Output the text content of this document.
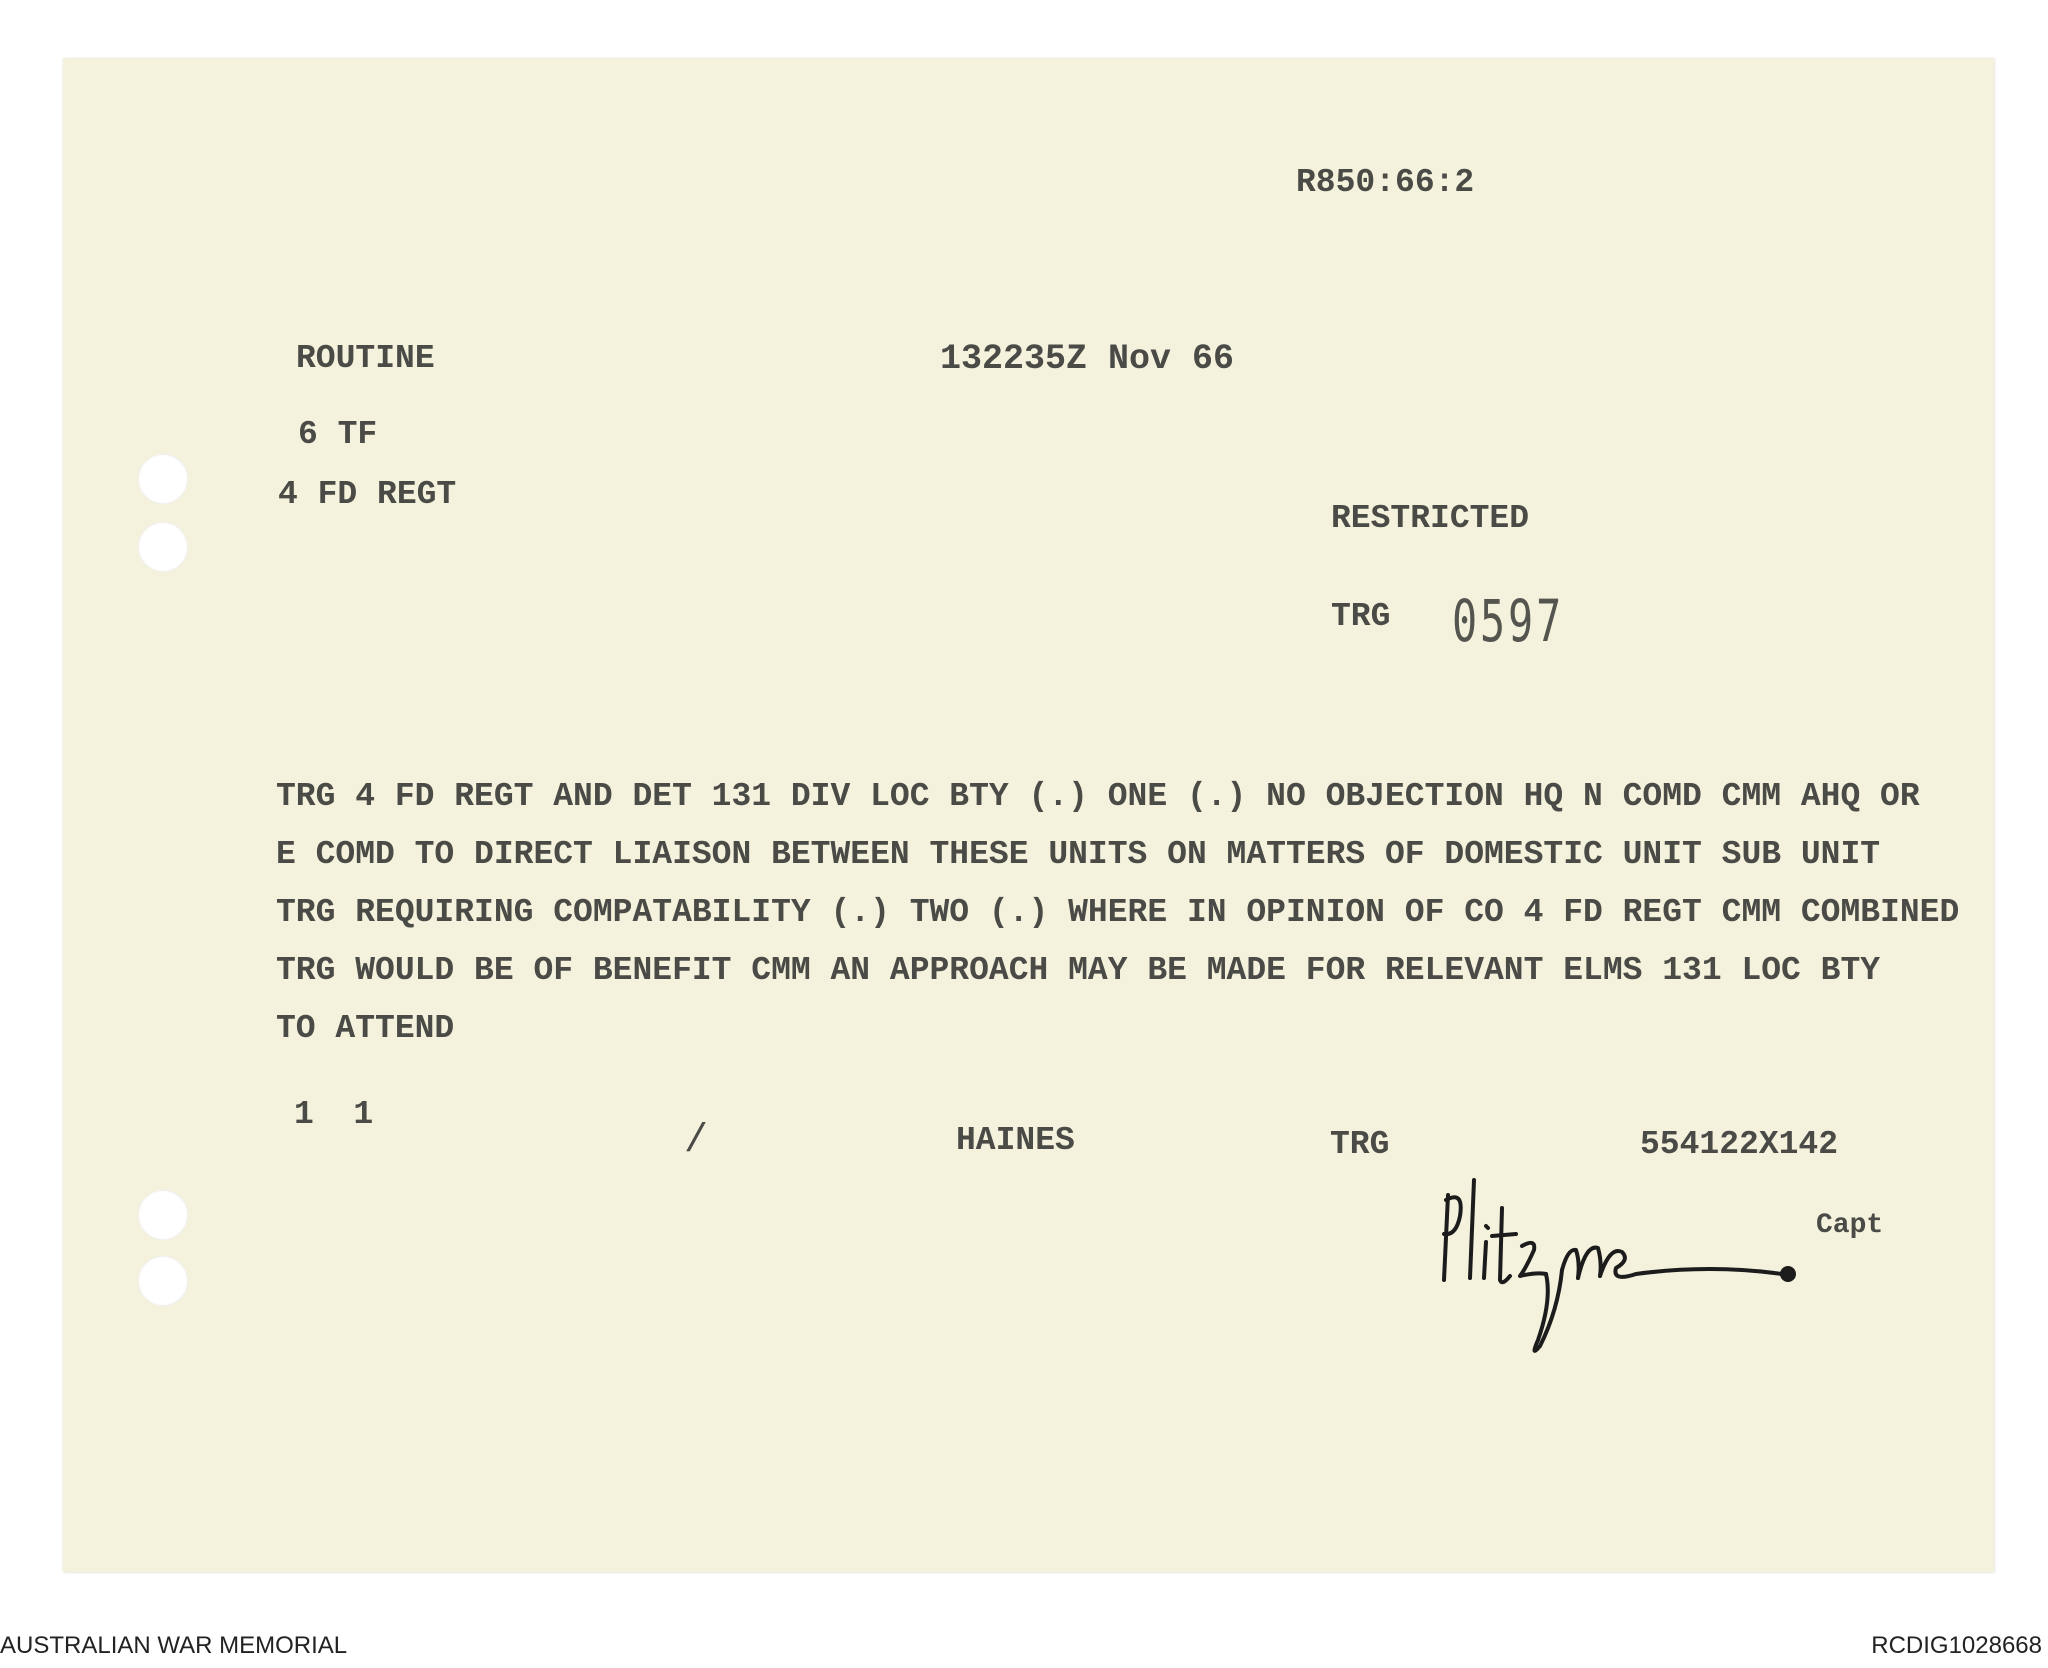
R850:66:2
ROUTINE	132235Z Nov 66
6 TF
4 FD REGT
RESTRICTED
TRG 0597
TRG 4 FD REGT AND DET 131 DIV LOC BTY (.) ONE (.) NO OBJECTION HQ N COMD CMM AHQ OR
E COMD TO DIRECT LIAISON BETWEEN THESE UNITS ON MATTERS OF DOMESTIC UNIT SUB UNIT
TRG REQUIRING COMPATABILITY (.) TWO (.) WHERE IN OPINION OF CO 4 FD REGT CMM COMBINED
TRG WOULD BE OF BENEFIT CMM AN APPROACH MAY BE MADE FOR RELEVANT ELMS 131 LOC BTY
TO ATTEND
1  1
/	HAINES	TRG	554122X142
Capt
AUSTRALIAN WAR MEMORIAL	RCDIG1028668
